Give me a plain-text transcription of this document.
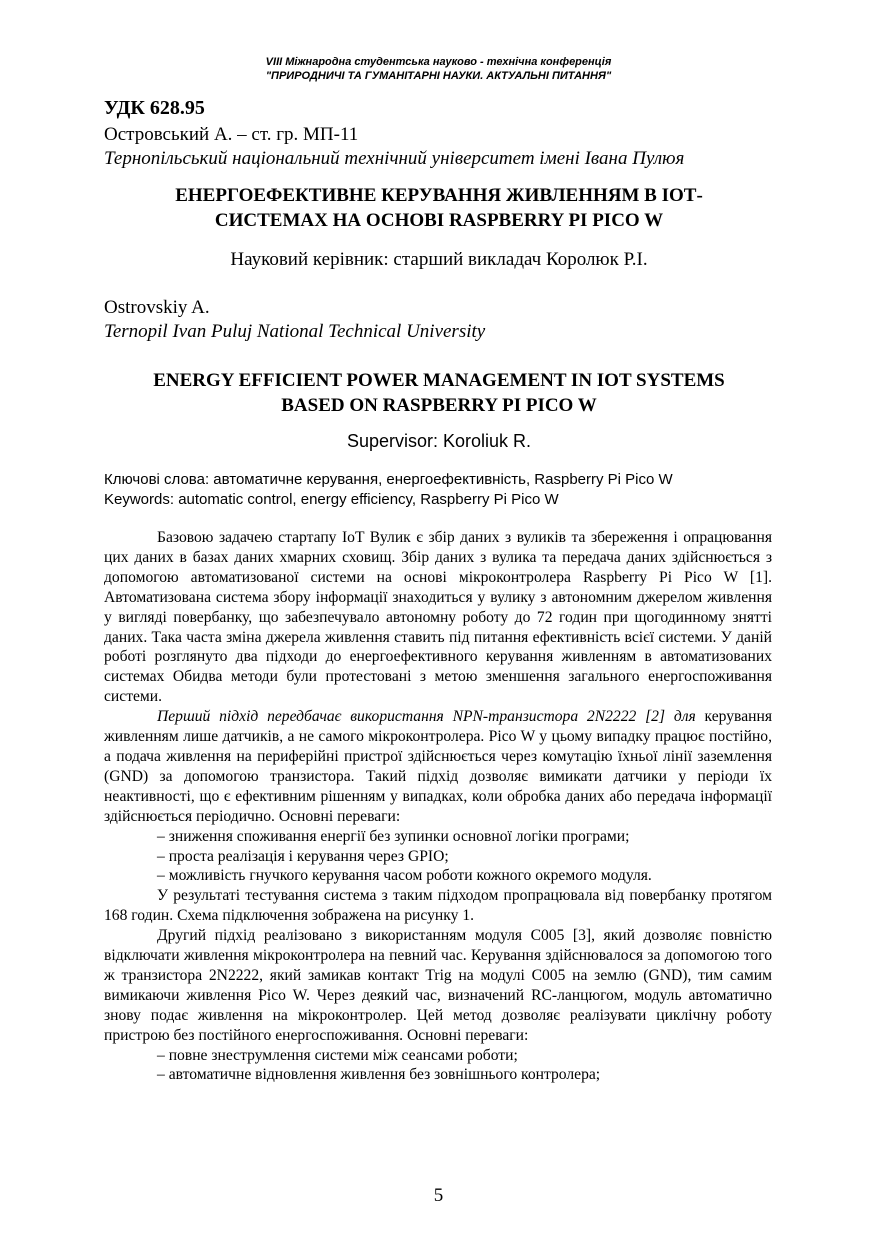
VIII Міжнародна студентська науково - технічна конференція
"ПРИРОДНИЧІ ТА ГУМАНІТАРНІ НАУКИ. АКТУАЛЬНІ ПИТАННЯ"
УДК 628.95
Островський А. – ст. гр. МП-11
Тернопільський національний технічний університет імені Івана Пулюя
ЕНЕРГОЕФЕКТИВНЕ КЕРУВАННЯ ЖИВЛЕННЯМ В ІОТ-
СИСТЕМАХ НА ОСНОВІ RASPBERRY PI PICO W
Науковий керівник: старший викладач Королюк Р.І.
Ostrovskiy A.
Ternopil Ivan Puluj National Technical University
ENERGY EFFICIENT POWER MANAGEMENT IN IOT SYSTEMS
BASED ON RASPBERRY PI PICO W
Supervisor: Koroliuk R.
Ключові слова: автоматичне керування, енергоефективність, Raspberry Pi Pico W
Keywords: automatic control, energy efficiency, Raspberry Pi Pico W

Базовою задачею стартапу IoT Вулик є збір даних з вуликів та збереження і опрацювання цих даних в базах даних хмарних сховищ. Збір даних з вулика та передача даних здійснюється з допомогою автоматизованої системи на основі мікроконтролера Raspberry Pi Pico W [1]. Автоматизована система збору інформації знаходиться у вулику з автономним джерелом живлення у вигляді повербанку, що забезпечувало автономну роботу до 72 годин при щогодинному знятті даних. Така часта зміна джерела живлення ставить під питання ефективність всієї системи. У даній роботі розглянуто два підходи до енергоефективного керування живленням в автоматизованих системах Обидва методи були протестовані з метою зменшення загального енергоспоживання системи.

Перший підхід передбачає використання NPN-транзистора 2N2222 [2] для керування живленням лише датчиків, а не самого мікроконтролера. Pico W у цьому випадку працює постійно, а подача живлення на периферійні пристрої здійснюється через комутацію їхньої лінії заземлення (GND) за допомогою транзистора. Такий підхід дозволяє вимикати датчики у періоди їх неактивності, що є ефективним рішенням у випадках, коли обробка даних або передача інформації здійснюється періодично. Основні переваги:

– зниження споживання енергії без зупинки основної логіки програми;

– проста реалізація і керування через GPIO;

– можливість гнучкого керування часом роботи кожного окремого модуля.

У результаті тестування система з таким підходом пропрацювала від повербанку протягом 168 годин. Схема підключення зображена на рисунку 1.

Другий підхід реалізовано з використанням модуля C005 [3], який дозволяє повністю відключати живлення мікроконтролера на певний час. Керування здійснювалося за допомогою того ж транзистора 2N2222, який замикав контакт Trig на модулі C005 на землю (GND), тим самим вимикаючи живлення Pico W. Через деякий час, визначений RC-ланцюгом, модуль автоматично знову подає живлення на мікроконтролер. Цей метод дозволяє реалізувати циклічну роботу пристрою без постійного енергоспоживання. Основні переваги:

– повне знеструмлення системи між сеансами роботи;

– автоматичне відновлення живлення без зовнішнього контролера;

5
